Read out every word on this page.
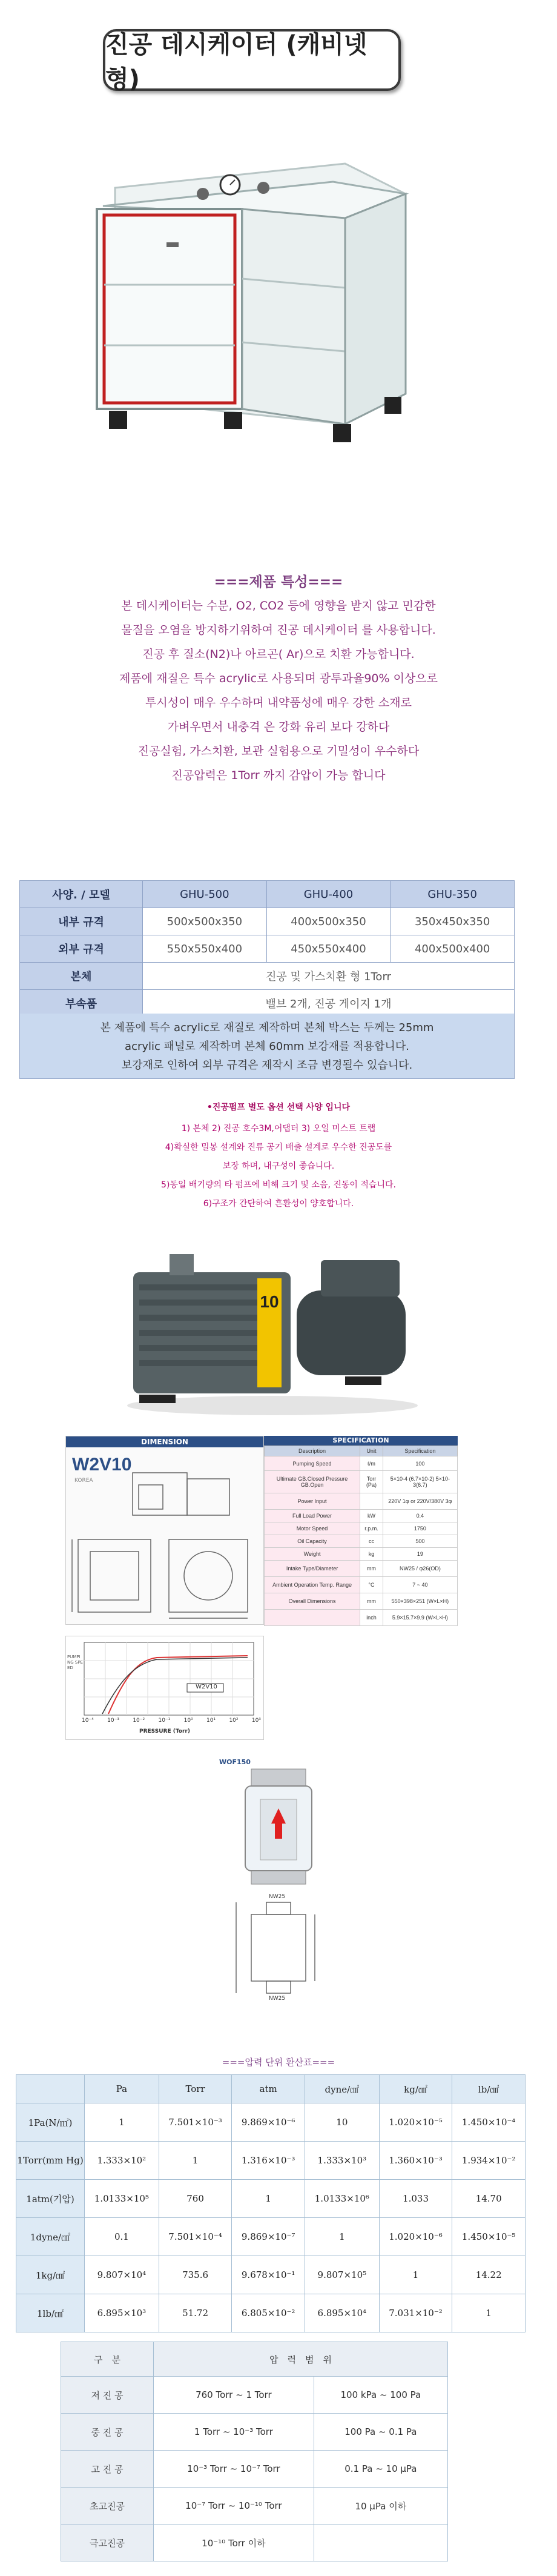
진공 데시케이터 (캐비넷형)
===제품 특성===
본 데시케이터는 수분, O2, CO2 등에 영향을 받지 않고 민감한
물질을 오염을 방지하기위하여 진공 데시케이터 를 사용합니다.
진공 후 질소(N2)나 아르곤( Ar)으로 치환 가능합니다.
제품에 재질은 특수 acrylic로 사용되며 광투과율90% 이상으로
투시성이 매우 우수하며 내약품성에 매우 강한 소재로
가벼우면서 내충격 은 강화 유리 보다 강하다
진공실험, 가스치환, 보관 실험용으로 기밀성이 우수하다
진공압력은 1Torr 까지 감압이 가능 합니다
사양. / 모델	GHU-500	GHU-400	GHU-350
내부 규격	500x500x350	400x500x350	350x450x350
외부 규격	550x550x400	450x550x400	400x500x400
본체	진공 및 가스치환 형 1Torr		
부속품	밸브 2개, 진공 게이지 1개		
본 제품에 특수 acrylic로 재질로 제작하며 본체 박스는 두께는 25mm
acrylic 패널로 제작하며 본체 60mm 보강재를 적용합니다.
보강재로 인하여 외부 규격은 제작시 조금 변경될수 있습니다.
•진공펌프 별도 옵션 선택 사양 입니다
1) 본체 2) 진공 호수3M,어댑터 3) 오일 미스트 트랩
4)확실한 밀봉 설계와 진류 공기 배출 설계로 우수한 진공도를
보장 하며, 내구성이 좋습니다.
5)동일 배기량의 타 펌프에 비해 크기 및 소음, 진동이 적습니다.
6)구조가 간단하여 흔환성이 양호합니다.
10
DIMENSION
W2V10
KOREA
SPECIFICATION
Description	Unit	Specification
Pumping Speed	ℓ/m	100
Ultimate GB.Closed Pressure GB.Open	Torr (Pa)	5×10-4 (6.7×10-2) 5×10-3(6.7)
Power Input		220V 1φ or 220V/380V 3φ
Full Load Power	kW	0.4
Motor Speed	r.p.m.	1750
Oil Capacity	cc	500
Weight	kg	19
Intake Type/Diameter	mm	NW25 / φ26(OD)
Ambient Operation Temp. Range	°C	7 ~ 40
Overall Dimensions	mm	550×398×251 (W×L×H)
	inch	5.9×15.7×9.9 (W×L×H)
W2V10
PUMPING SPEED
10⁻⁴ 10⁻³ 10⁻² 10⁻¹ 10⁰ 10¹ 10² 10³
PRESSURE (Torr)
WOF150
NW25
NW25
===압력 단위 환산표===
	Pa	Torr	atm	dyne/㎠	kg/㎠	lb/㎠
1Pa(N/㎡)	1	7.501×10⁻³	9.869×10⁻⁶	10	1.020×10⁻⁵	1.450×10⁻⁴
1Torr(mm Hg)	1.333×10²	1	1.316×10⁻³	1.333×10³	1.360×10⁻³	1.934×10⁻²
1atm(기압)	1.0133×10⁵	760	1	1.0133×10⁶	1.033	14.70
1dyne/㎠	0.1	7.501×10⁻⁴	9.869×10⁻⁷	1	1.020×10⁻⁶	1.450×10⁻⁵
1kg/㎠	9.807×10⁴	735.6	9.678×10⁻¹	9.807×10⁵	1	14.22
1lb/㎠	6.895×10³	51.72	6.805×10⁻²	6.895×10⁴	7.031×10⁻²	1
구　분	압　력　범　위	
저 진 공	760 Torr ~ 1 Torr	100 kPa ~ 100 Pa
중 진 공	1 Torr ~ 10⁻³ Torr	100 Pa ~ 0.1 Pa
고 진 공	10⁻³ Torr ~ 10⁻⁷ Torr	0.1 Pa ~ 10 μPa
초고진공	10⁻⁷ Torr ~ 10⁻¹⁰ Torr	10 μPa 이하
극고진공	10⁻¹⁰ Torr 이하	
